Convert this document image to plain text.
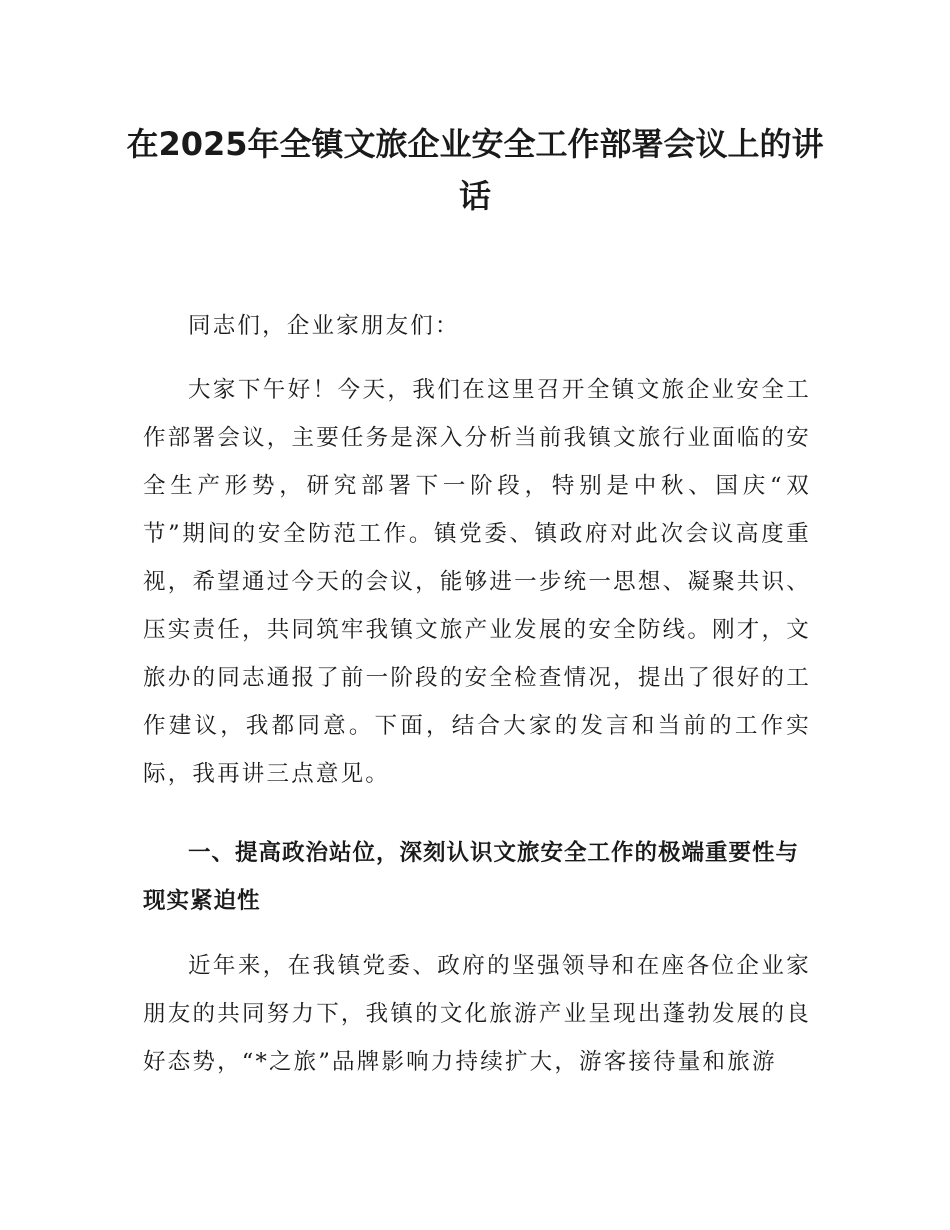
在2025年全镇文旅企业安全工作部署会议上的讲话

同志们，企业家朋友们：

大家下午好！今天，我们在这里召开全镇文旅企业安全工作部署会议，主要任务是深入分析当前我镇文旅行业面临的安全生产形势，研究部署下一阶段，特别是中秋、国庆“双节”期间的安全防范工作。镇党委、镇政府对此次会议高度重视，希望通过今天的会议，能够进一步统一思想、凝聚共识、压实责任，共同筑牢我镇文旅产业发展的安全防线。刚才，文旅办的同志通报了前一阶段的安全检查情况，提出了很好的工作建议，我都同意。下面，结合大家的发言和当前的工作实际，我再讲三点意见。

一、提高政治站位，深刻认识文旅安全工作的极端重要性与现实紧迫性

近年来，在我镇党委、政府的坚强领导和在座各位企业家朋友的共同努力下，我镇的文化旅游产业呈现出蓬勃发展的良好态势，“*之旅”品牌影响力持续扩大，游客接待量和旅游
